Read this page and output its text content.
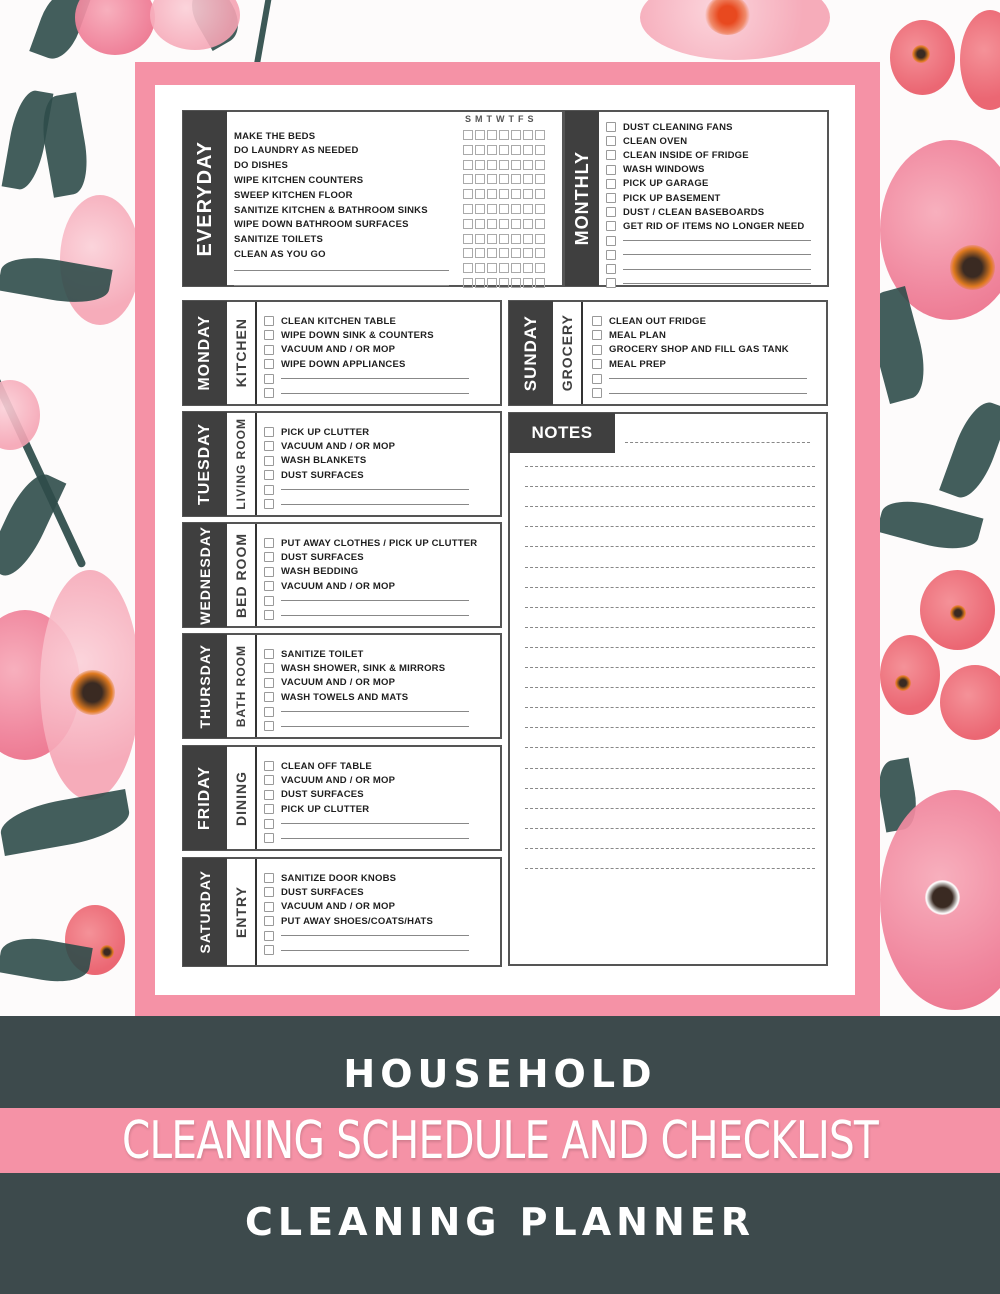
EVERYDAY
SMTWTFS
MAKE THE BEDS
DO LAUNDRY AS NEEDED
DO DISHES
WIPE KITCHEN COUNTERS
SWEEP KITCHEN FLOOR
SANITIZE KITCHEN & BATHROOM SINKS
WIPE DOWN BATHROOM SURFACES
SANITIZE TOILETS
CLEAN AS YOU GO
MONTHLY
DUST CLEANING FANS
CLEAN OVEN
CLEAN INSIDE OF FRIDGE
WASH WINDOWS
PICK UP GARAGE
PICK UP BASEMENT
DUST / CLEAN BASEBOARDS
GET RID OF ITEMS NO LONGER NEED
MONDAY KITCHEN	CLEAN KITCHEN TABLE
WIPE DOWN SINK & COUNTERS
VACUUM AND / OR MOP
WIPE DOWN APPLIANCES
TUESDAY LIVING ROOM	PICK UP CLUTTER
VACUUM AND / OR MOP
WASH BLANKETS
DUST SURFACES
WEDNESDAY BED ROOM	PUT AWAY CLOTHES / PICK UP CLUTTER
DUST SURFACES
WASH BEDDING
VACUUM AND / OR MOP
THURSDAY BATH ROOM	SANITIZE TOILET
WASH SHOWER, SINK & MIRRORS
VACUUM AND / OR MOP
WASH TOWELS AND MATS
FRIDAY DINING
CLEAN OFF TABLE
VACUUM AND / OR MOP
DUST SURFACES
PICK UP CLUTTER
SATURDAY ENTRY
SANITIZE DOOR KNOBS
DUST SURFACES
VACUUM AND / OR MOP
PUT AWAY SHOES/COATS/HATS
SUNDAY GROCERY	CLEAN OUT FRIDGE
MEAL PLAN
GROCERY SHOP AND FILL GAS TANK
MEAL PREP
NOTES
HOUSEHOLD
CLEANING SCHEDULE AND CHECKLIST
CLEANING PLANNER
